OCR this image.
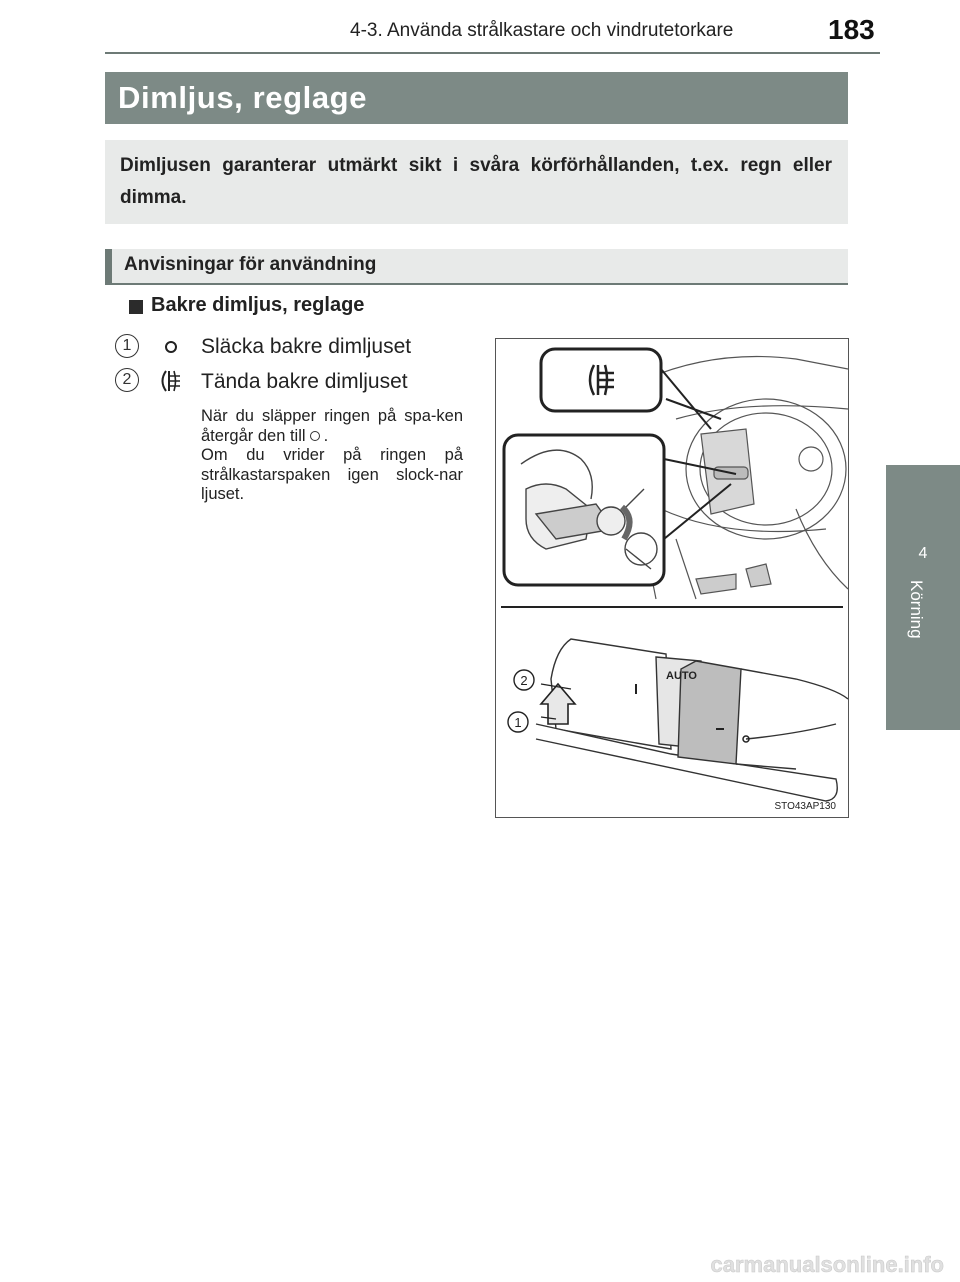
4-3. Använda strålkastare och vindrutetorkare	183
4
Körning
Dimljus, reglage
Dimljusen garanterar utmärkt sikt i svåra körförhållanden, t.ex. regn eller dimma.
Anvisningar för användning
Bakre dimljus, reglage
1	Släcka bakre dimljuset
2	Tända bakre dimljuset

När du släpper ringen på spa-ken återgår den till .

Om du vrider på ringen på strålkastarspaken igen slock-nar ljuset.

AUTO
2
1
STO43AP130
carmanualsonline.info
